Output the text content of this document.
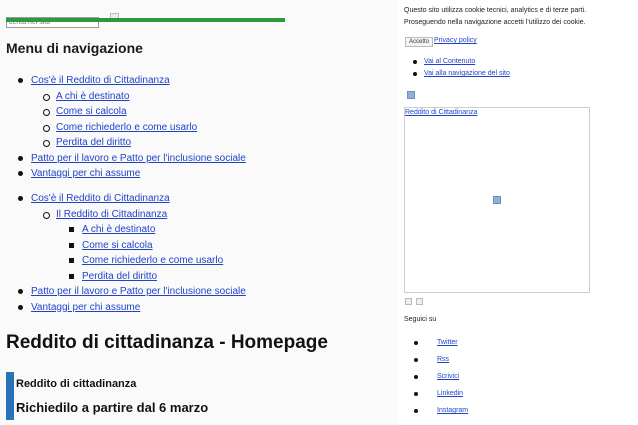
cerca nel sito
Menu di navigazione
Cos'è il Reddito di Cittadinanza
A chi è destinato
Come si calcola
Come richiederlo e come usarlo
Perdita del diritto
Patto per il lavoro e Patto per l'inclusione sociale
Vantaggi per chi assume
Cos'è il Reddito di Cittadinanza
Il Reddito di Cittadinanza
A chi è destinato
Come si calcola
Come richiederlo e come usarlo
Perdita del diritto
Patto per il lavoro e Patto per l'inclusione sociale
Vantaggi per chi assume
Reddito di cittadinanza - Homepage
Reddito di cittadinanza
Richiedilo a partire dal 6 marzo

Questo sito utilizza cookie tecnici, analytics e di terze parti. Proseguendo nella navigazione accetti l'utilizzo dei cookie.

Accetto Privacy policy
Vai al Contenuto
Vai alla navigazione del sito
Reddito di Cittadinanza
Seguici su
Twitter
Rss
Scrivici
Linkedin
Instagram
